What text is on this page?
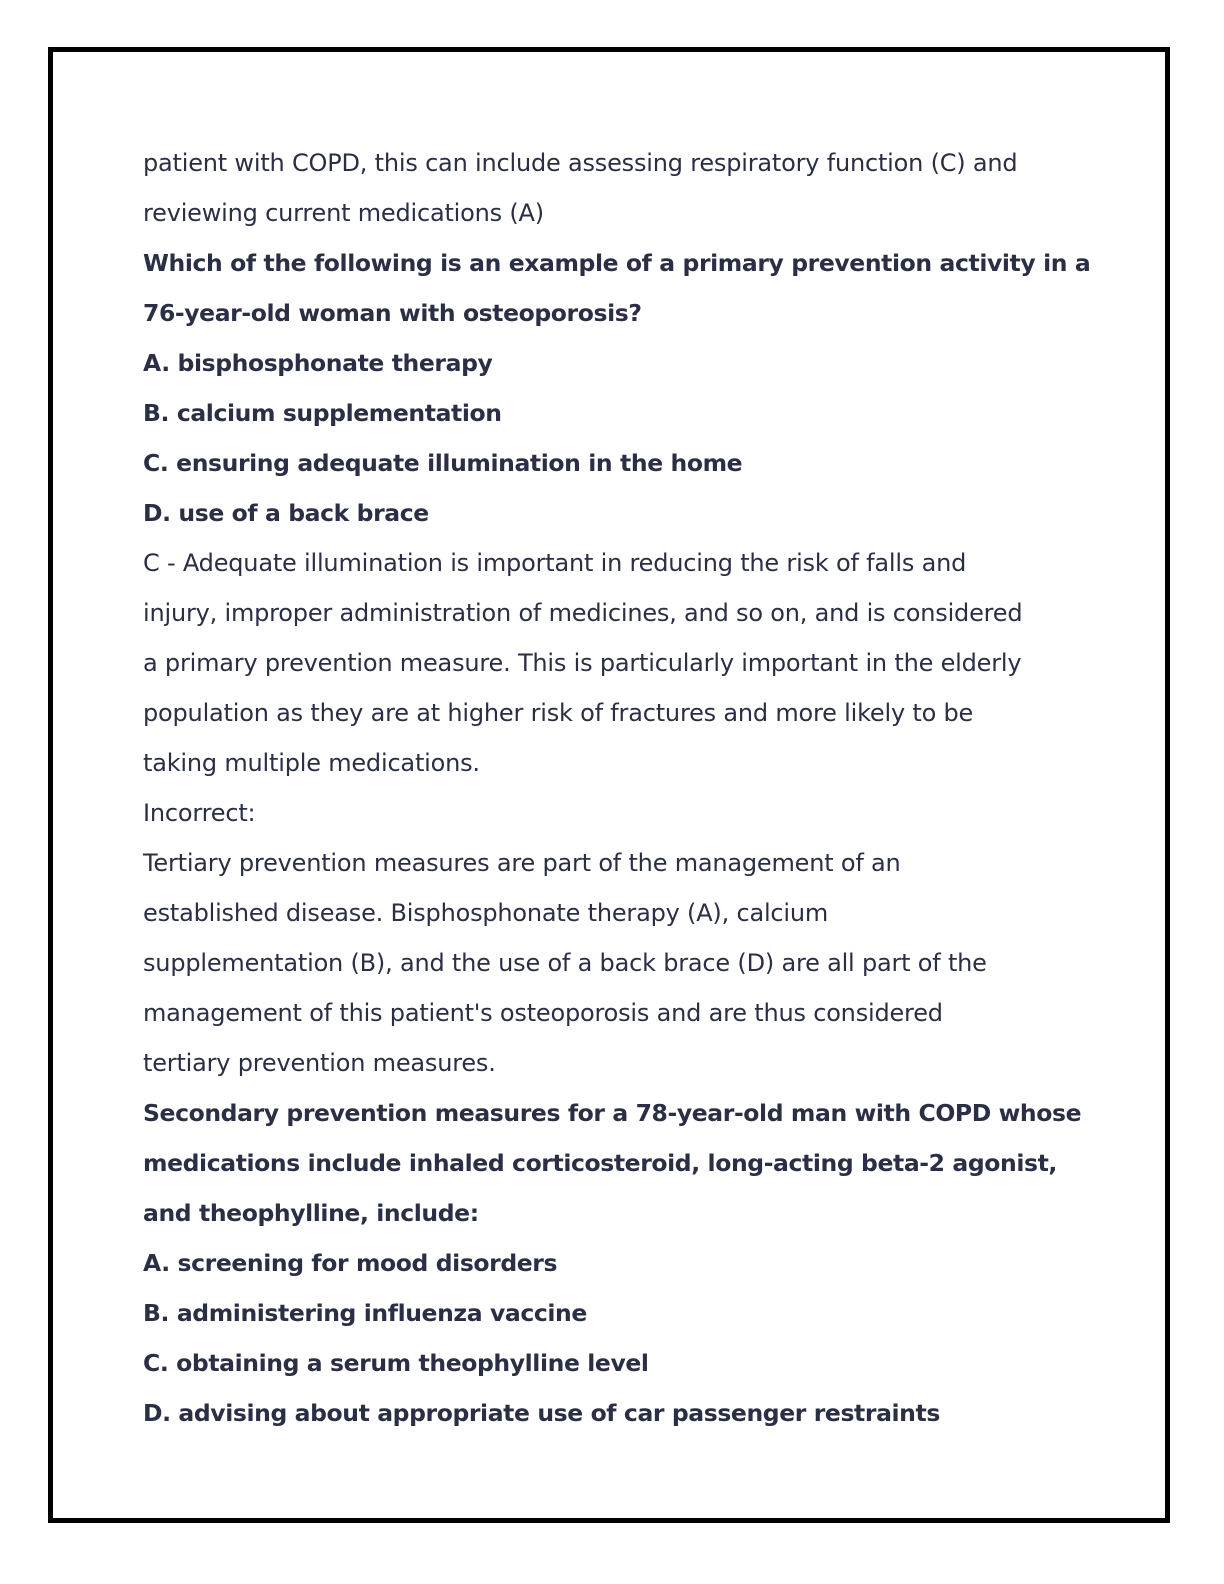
patient with COPD, this can include assessing respiratory function (C) and
reviewing current medications (A)
Which of the following is an example of a primary prevention activity in a
76-year-old woman with osteoporosis?
A. bisphosphonate therapy
B. calcium supplementation
C. ensuring adequate illumination in the home
D. use of a back brace
C - Adequate illumination is important in reducing the risk of falls and
injury, improper administration of medicines, and so on, and is considered
a primary prevention measure. This is particularly important in the elderly
population as they are at higher risk of fractures and more likely to be
taking multiple medications.
Incorrect:
Tertiary prevention measures are part of the management of an
established disease. Bisphosphonate therapy (A), calcium
supplementation (B), and the use of a back brace (D) are all part of the
management of this patient's osteoporosis and are thus considered
tertiary prevention measures.
Secondary prevention measures for a 78-year-old man with COPD whose
medications include inhaled corticosteroid, long-acting beta-2 agonist,
and theophylline, include:
A. screening for mood disorders
B. administering influenza vaccine
C. obtaining a serum theophylline level
D. advising about appropriate use of car passenger restraints
